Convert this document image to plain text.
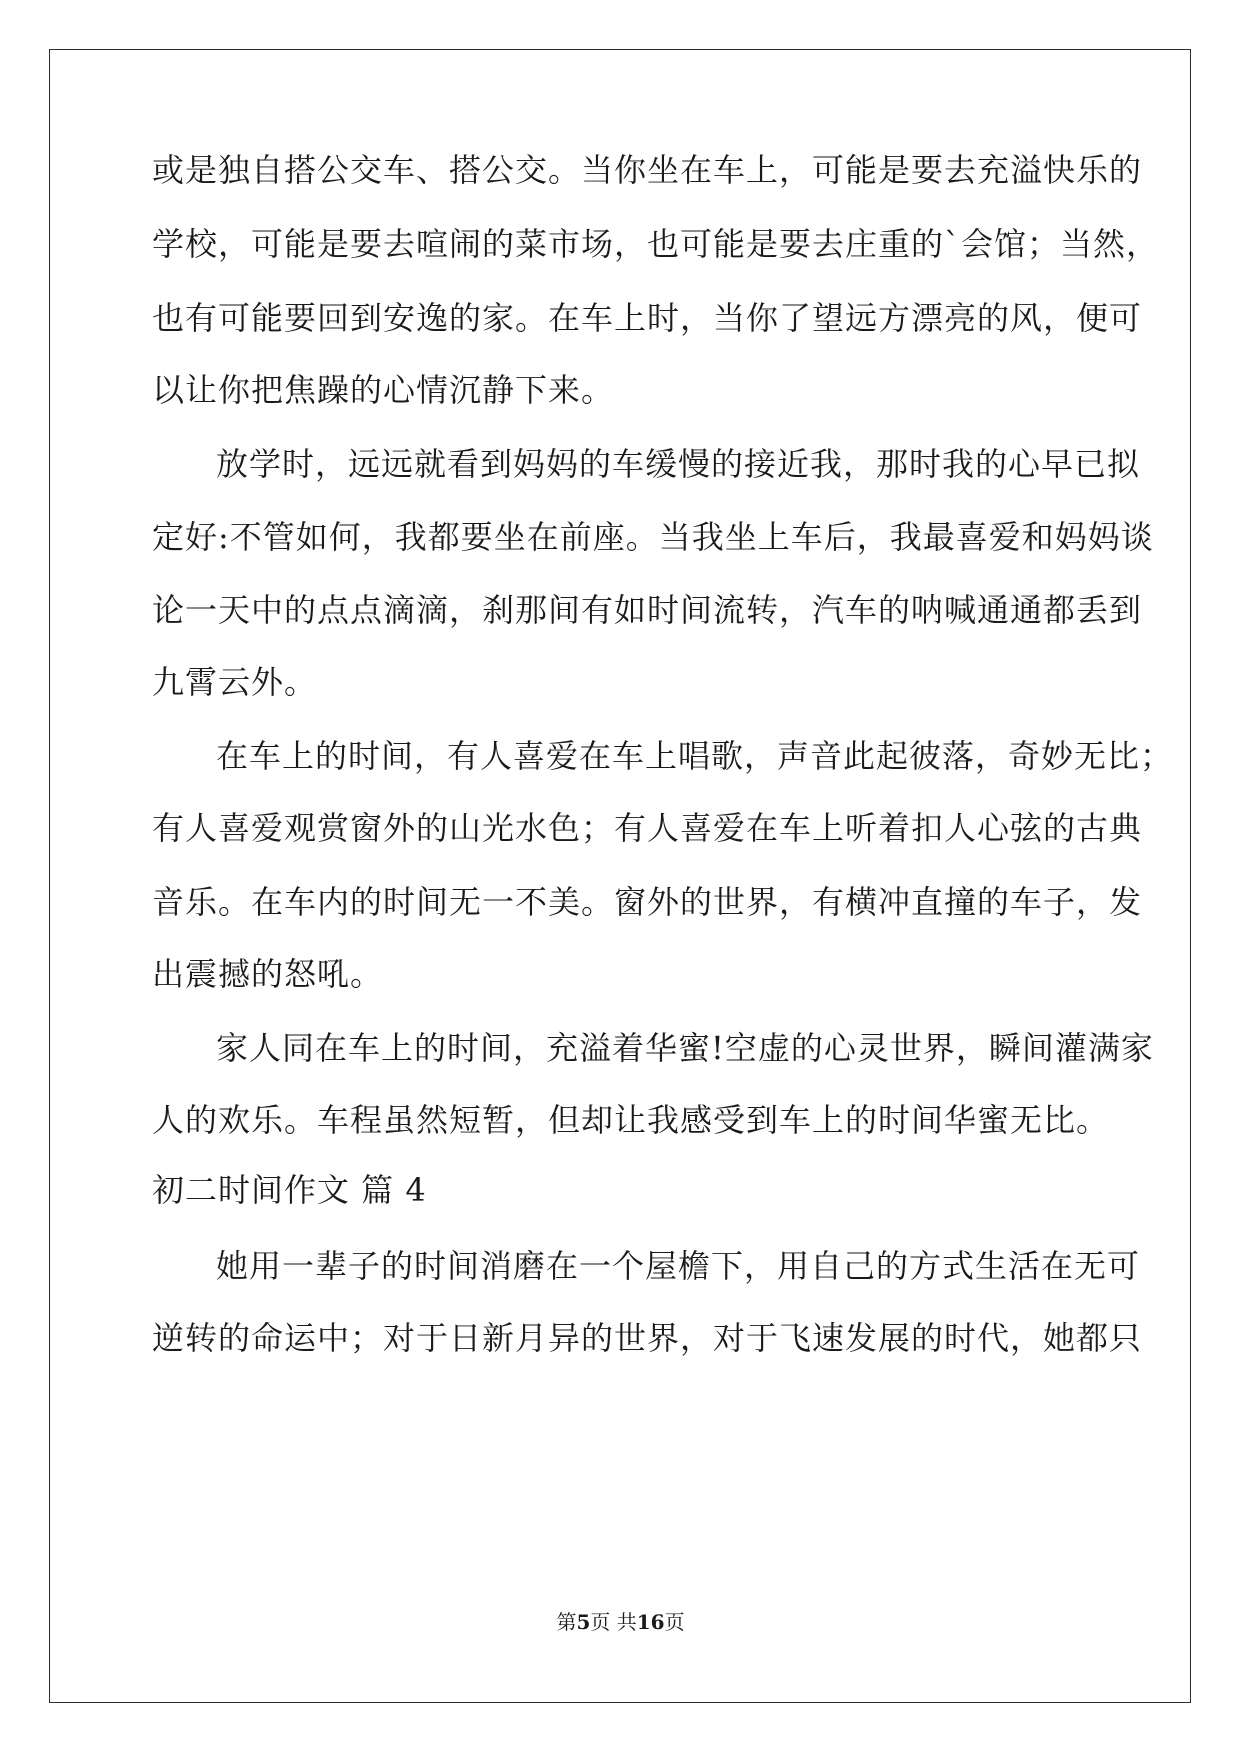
或是独自搭公交车、搭公交。当你坐在车上，可能是要去充溢快乐的
学校，可能是要去喧闹的菜市场，也可能是要去庄重的`会馆；当然，
也有可能要回到安逸的家。在车上时，当你了望远方漂亮的风，便可
以让你把焦躁的心情沉静下来。
放学时，远远就看到妈妈的车缓慢的接近我，那时我的心早已拟
定好:不管如何，我都要坐在前座。当我坐上车后，我最喜爱和妈妈谈
论一天中的点点滴滴，刹那间有如时间流转，汽车的呐喊通通都丢到
九霄云外。
在车上的时间，有人喜爱在车上唱歌，声音此起彼落，奇妙无比；
有人喜爱观赏窗外的山光水色；有人喜爱在车上听着扣人心弦的古典
音乐。在车内的时间无一不美。窗外的世界，有横冲直撞的车子，发
出震撼的怒吼。
家人同在车上的时间，充溢着华蜜!空虚的心灵世界，瞬间灌满家
人的欢乐。车程虽然短暂，但却让我感受到车上的时间华蜜无比。
初二时间作文 篇 4
她用一辈子的时间消磨在一个屋檐下，用自己的方式生活在无可
逆转的命运中；对于日新月异的世界，对于飞速发展的时代，她都只
第5页 共16页
